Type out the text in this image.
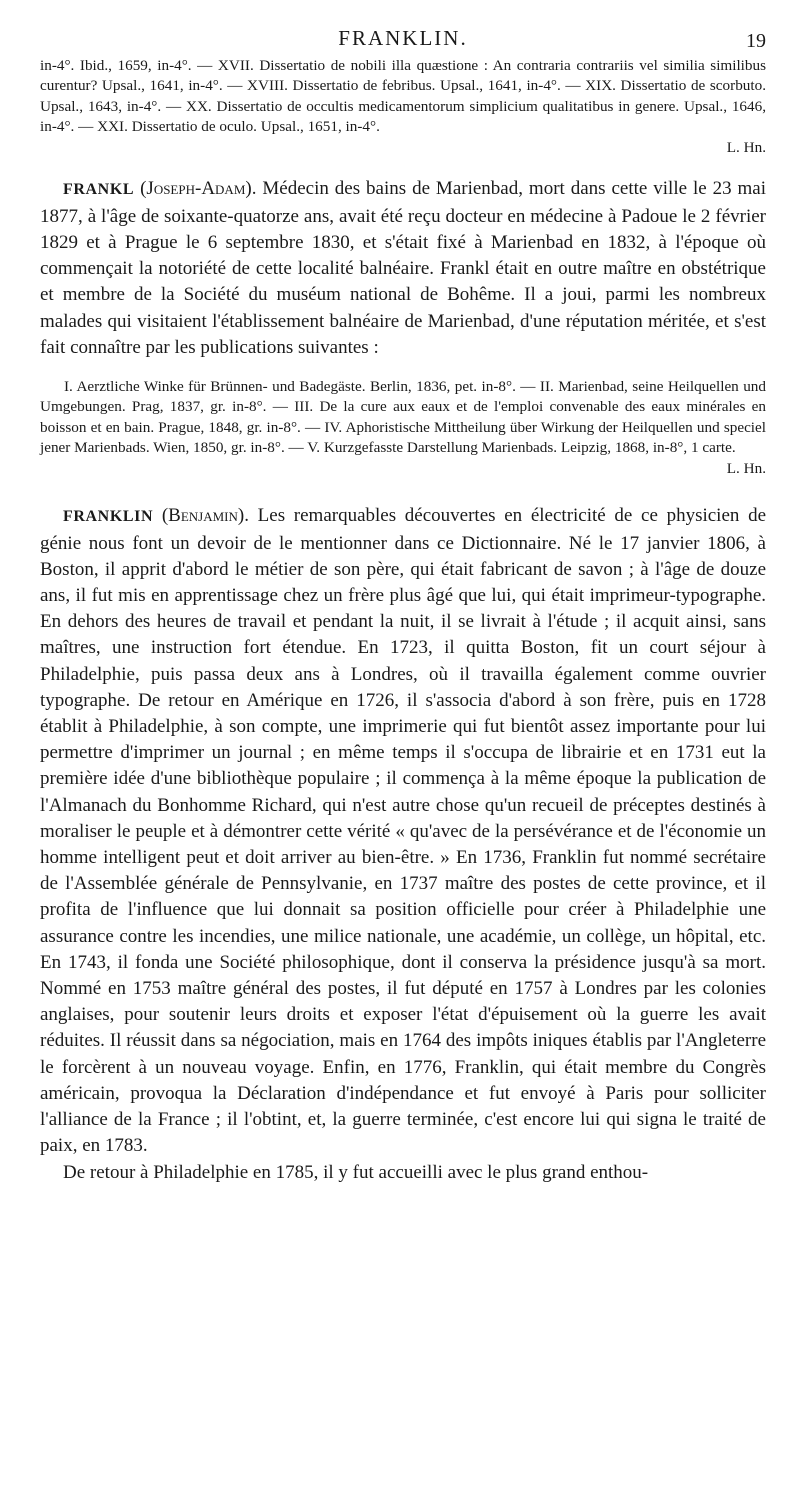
FRANKLIN.	19

in-4°. Ibid., 1659, in-4°. — XVII. Dissertatio de nobili illa quæstione : An contraria contrariis vel similia similibus curentur? Upsal., 1641, in-4°. — XVIII. Dissertatio de febribus. Upsal., 1641, in-4°. — XIX. Dissertatio de scorbuto. Upsal., 1643, in-4°. — XX. Dissertatio de occultis medicamentorum simplicium qualitatibus in genere. Upsal., 1646, in-4°. — XXI. Dissertatio de oculo. Upsal., 1651, in-4°.

L. Hn.

FRANKL (Joseph-Adam). Médecin des bains de Marienbad, mort dans cette ville le 23 mai 1877, à l'âge de soixante-quatorze ans, avait été reçu docteur en médecine à Padoue le 2 février 1829 et à Prague le 6 septembre 1830, et s'était fixé à Marienbad en 1832, à l'époque où commençait la notoriété de cette localité balnéaire. Frankl était en outre maître en obstétrique et membre de la Société du muséum national de Bohême. Il a joui, parmi les nombreux malades qui visitaient l'établissement balnéaire de Marienbad, d'une réputation méritée, et s'est fait connaître par les publications suivantes :

I. Aerztliche Winke für Brünnen- und Badegäste. Berlin, 1836, pet. in-8°. — II. Marienbad, seine Heilquellen und Umgebungen. Prag, 1837, gr. in-8°. — III. De la cure aux eaux et de l'emploi convenable des eaux minérales en boisson et en bain. Prague, 1848, gr. in-8°. — IV. Aphoristische Mittheilung über Wirkung der Heilquellen und speciel jener Marienbads. Wien, 1850, gr. in-8°. — V. Kurzgefasste Darstellung Marienbads. Leipzig, 1868, in-8°, 1 carte.

L. Hn.

FRANKLIN (Benjamin). Les remarquables découvertes en électricité de ce physicien de génie nous font un devoir de le mentionner dans ce Dictionnaire. Né le 17 janvier 1806, à Boston, il apprit d'abord le métier de son père, qui était fabricant de savon ; à l'âge de douze ans, il fut mis en apprentissage chez un frère plus âgé que lui, qui était imprimeur-typographe. En dehors des heures de travail et pendant la nuit, il se livrait à l'étude ; il acquit ainsi, sans maîtres, une instruction fort étendue. En 1723, il quitta Boston, fit un court séjour à Philadelphie, puis passa deux ans à Londres, où il travailla également comme ouvrier typographe. De retour en Amérique en 1726, il s'associa d'abord à son frère, puis en 1728 établit à Philadelphie, à son compte, une imprimerie qui fut bientôt assez importante pour lui permettre d'imprimer un journal ; en même temps il s'occupa de librairie et en 1731 eut la première idée d'une bibliothèque populaire ; il commença à la même époque la publication de l'Almanach du Bonhomme Richard, qui n'est autre chose qu'un recueil de préceptes destinés à moraliser le peuple et à démontrer cette vérité « qu'avec de la persévérance et de l'économie un homme intelligent peut et doit arriver au bien-être. » En 1736, Franklin fut nommé secrétaire de l'Assemblée générale de Pennsylvanie, en 1737 maître des postes de cette province, et il profita de l'influence que lui donnait sa position officielle pour créer à Philadelphie une assurance contre les incendies, une milice nationale, une académie, un collège, un hôpital, etc. En 1743, il fonda une Société philosophique, dont il conserva la présidence jusqu'à sa mort. Nommé en 1753 maître général des postes, il fut député en 1757 à Londres par les colonies anglaises, pour soutenir leurs droits et exposer l'état d'épuisement où la guerre les avait réduites. Il réussit dans sa négociation, mais en 1764 des impôts iniques établis par l'Angleterre le forcèrent à un nouveau voyage. Enfin, en 1776, Franklin, qui était membre du Congrès américain, provoqua la Déclaration d'indépendance et fut envoyé à Paris pour solliciter l'alliance de la France ; il l'obtint, et, la guerre terminée, c'est encore lui qui signa le traité de paix, en 1783.

De retour à Philadelphie en 1785, il y fut accueilli avec le plus grand enthou-
